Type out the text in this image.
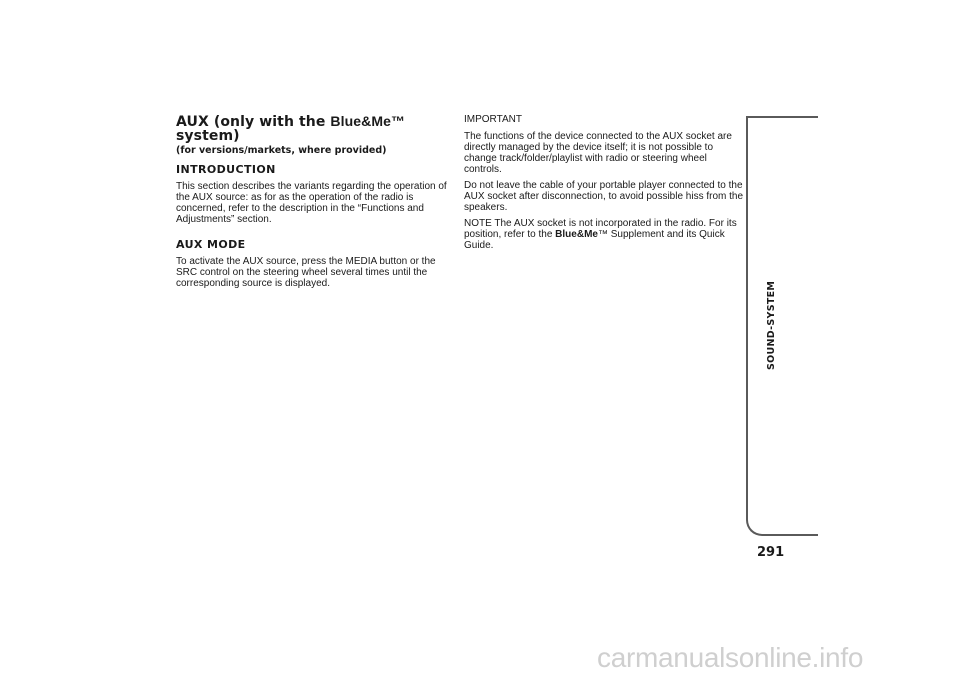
AUX (only with the Blue&Me™
system)
(for versions/markets, where provided)
INTRODUCTION

This section describes the variants regarding the operation of the AUX source: as for as the operation of the radio is concerned, refer to the description in the “Functions and Adjustments” section.

AUX MODE

To activate the AUX source, press the MEDIA button or the SRC control on the steering wheel several times until the corresponding source is displayed.

IMPORTANT

The functions of the device connected to the AUX socket are directly managed by the device itself; it is not possible to change track/folder/playlist with radio or steering wheel controls.

Do not leave the cable of your portable player connected to the AUX socket after disconnection, to avoid possible hiss from the speakers.

NOTE The AUX socket is not incorporated in the radio. For its position, refer to the Blue&Me™ Supplement and its Quick Guide.

SOUND-SYSTEM
291
carmanualsonline.info
